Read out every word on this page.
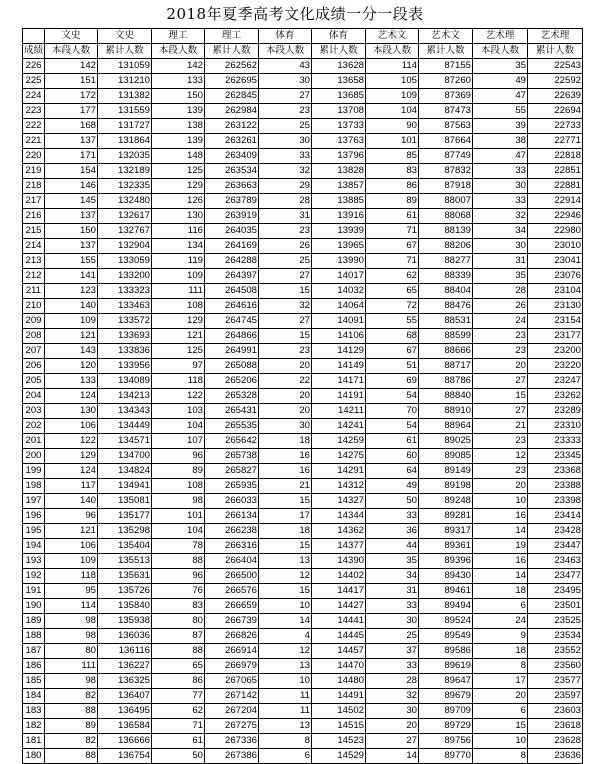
2018年夏季高考文化成绩一分一段表
	文史	文史	理工	理工	体育	体育	艺术文	艺术文	艺术理	艺术理
成绩	本段人数	累计人数	本段人数	累计人数	本段人数	累计人数	本段人数	累计人数	本段人数	累计人数
226	142	131059	142	262562	43	13628	114	87155	35	22543
225	151	131210	133	262695	30	13658	105	87260	49	22592
224	172	131382	150	262845	27	13685	109	87369	47	22639
223	177	131559	139	262984	23	13708	104	87473	55	22694
222	168	131727	138	263122	25	13733	90	87563	39	22733
221	137	131864	139	263261	30	13763	101	87664	38	22771
220	171	132035	148	263409	33	13796	85	87749	47	22818
219	154	132189	125	263534	32	13828	83	87832	33	22851
218	146	132335	129	263663	29	13857	86	87918	30	22881
217	145	132480	126	263789	28	13885	89	88007	33	22914
216	137	132617	130	263919	31	13916	61	88068	32	22946
215	150	132767	116	264035	23	13939	71	88139	34	22980
214	137	132904	134	264169	26	13965	67	88206	30	23010
213	155	133059	119	264288	25	13990	71	88277	31	23041
212	141	133200	109	264397	27	14017	62	88339	35	23076
211	123	133323	111	264508	15	14032	65	88404	28	23104
210	140	133463	108	264616	32	14064	72	88476	26	23130
209	109	133572	129	264745	27	14091	55	88531	24	23154
208	121	133693	121	264866	15	14106	68	88599	23	23177
207	143	133836	125	264991	23	14129	67	88666	23	23200
206	120	133956	97	265088	20	14149	51	88717	20	23220
205	133	134089	118	265206	22	14171	69	88786	27	23247
204	124	134213	122	265328	20	14191	54	88840	15	23262
203	130	134343	103	265431	20	14211	70	88910	27	23289
202	106	134449	104	265535	30	14241	54	88964	21	23310
201	122	134571	107	265642	18	14259	61	89025	23	23333
200	129	134700	96	265738	16	14275	60	89085	12	23345
199	124	134824	89	265827	16	14291	64	89149	23	23368
198	117	134941	108	265935	21	14312	49	89198	20	23388
197	140	135081	98	266033	15	14327	50	89248	10	23398
196	96	135177	101	266134	17	14344	33	89281	16	23414
195	121	135298	104	266238	18	14362	36	89317	14	23428
194	106	135404	78	266316	15	14377	44	89361	19	23447
193	109	135513	88	266404	13	14390	35	89396	16	23463
192	118	135631	96	266500	12	14402	34	89430	14	23477
191	95	135726	76	266576	15	14417	31	89461	18	23495
190	114	135840	83	266659	10	14427	33	89494	6	23501
189	98	135938	80	266739	14	14441	30	89524	24	23525
188	98	136036	87	266826	4	14445	25	89549	9	23534
187	80	136116	88	266914	12	14457	37	89586	18	23552
186	111	136227	65	266979	13	14470	33	89619	8	23560
185	98	136325	86	267065	10	14480	28	89647	17	23577
184	82	136407	77	267142	11	14491	32	89679	20	23597
183	88	136495	62	267204	11	14502	30	89709	6	23603
182	89	136584	71	267275	13	14515	20	89729	15	23618
181	82	136666	61	267336	8	14523	27	89756	10	23628
180	88	136754	50	267386	6	14529	14	89770	8	23636
